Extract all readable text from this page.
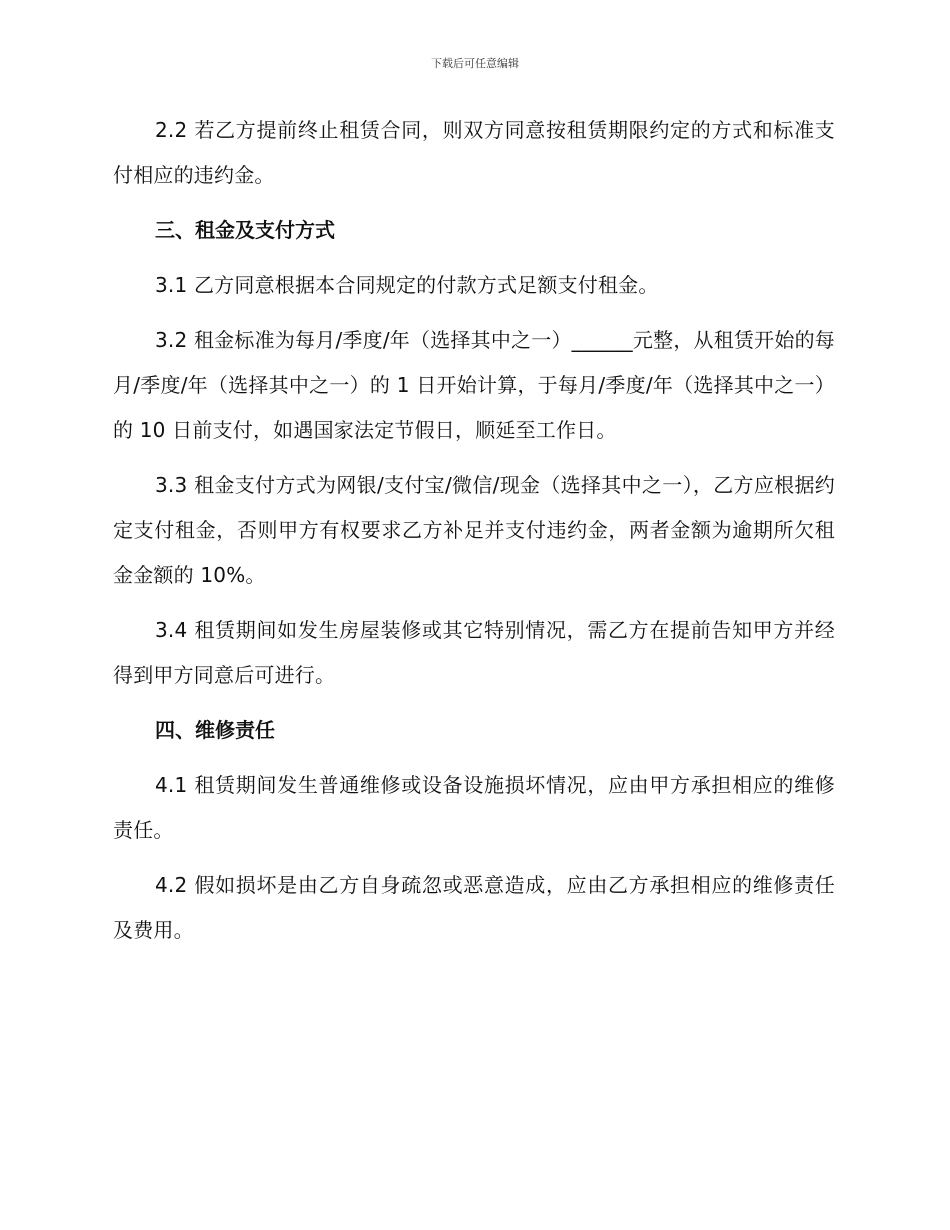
下载后可任意编辑

2.2 若乙方提前终止租赁合同，则双方同意按租赁期限约定的方式和标准支付相应的违约金。

三、租金及支付方式

3.1 乙方同意根据本合同规定的付款方式足额支付租金。

3.2 租金标准为每月/季度/年（选择其中之一）______元整，从租赁开始的每月/季度/年（选择其中之一）的 1 日开始计算，于每月/季度/年（选择其中之一）的 10 日前支付，如遇国家法定节假日，顺延至工作日。

3.3 租金支付方式为网银/支付宝/微信/现金（选择其中之一），乙方应根据约定支付租金，否则甲方有权要求乙方补足并支付违约金，两者金额为逾期所欠租金金额的 10%。

3.4 租赁期间如发生房屋装修或其它特别情况，需乙方在提前告知甲方并经得到甲方同意后可进行。

四、维修责任

4.1 租赁期间发生普通维修或设备设施损坏情况，应由甲方承担相应的维修责任。

4.2 假如损坏是由乙方自身疏忽或恶意造成，应由乙方承担相应的维修责任及费用。
